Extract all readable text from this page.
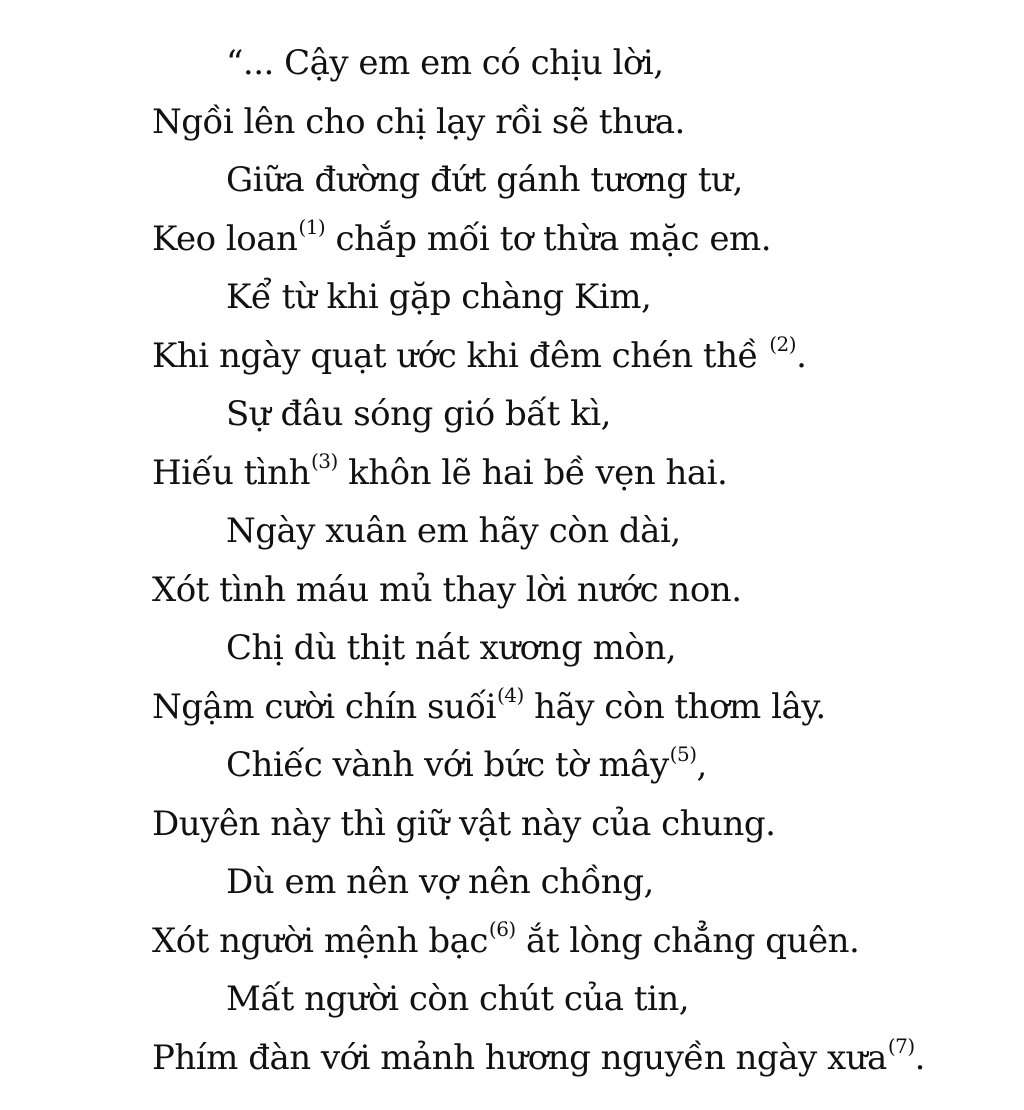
“... Cậy em em có chịu lời,
Ngồi lên cho chị lạy rồi sẽ thưa.
Giữa đường đứt gánh tương tư,
Keo loan$^{(1)}$ chắp mối tơ thừa mặc em.
Kể từ khi gặp chàng Kim,
Khi ngày quạt ước khi đêm chén thề $^{(2)}$.
Sự đâu sóng gió bất kì,
Hiếu tình$^{(3)}$ khôn lẽ hai bề vẹn hai.
Ngày xuân em hãy còn dài,
Xót tình máu mủ thay lời nước non.
Chị dù thịt nát xương mòn,
Ngậm cười chín suối$^{(4)}$ hãy còn thơm lây.
Chiếc vành với bức tờ mây$^{(5)}$,
Duyên này thì giữ vật này của chung.
Dù em nên vợ nên chồng,
Xót người mệnh bạc$^{(6)}$ ắt lòng chẳng quên.
Mất người còn chút của tin,
Phím đàn với mảnh hương nguyền ngày xưa$^{(7)}$.
